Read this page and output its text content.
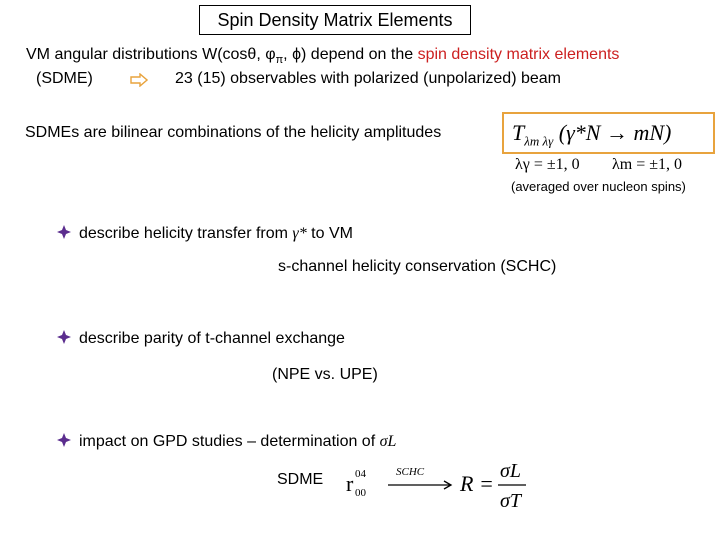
Spin Density Matrix Elements
VM angular distributions W(cosθ, $\varphi_\pi$, ϕ) depend on the spin density matrix elements
(SDME)	23 (15) observables with polarized (unpolarized) beam
SDMEs are bilinear combinations of the helicity amplitudes	$T_{\lambda m \lambda\gamma}$ (γ*N → mN)
λγ = ±1, 0 λm = ±1, 0
(averaged over nucleon spins)
describe helicity transfer from γ* to VM
s-channel helicity conservation (SCHC)
describe parity of t-channel exchange
(NPE vs. UPE)
impact on GPD studies – determination of σL
SDME r 04
00
SCHC R = σL
σT
